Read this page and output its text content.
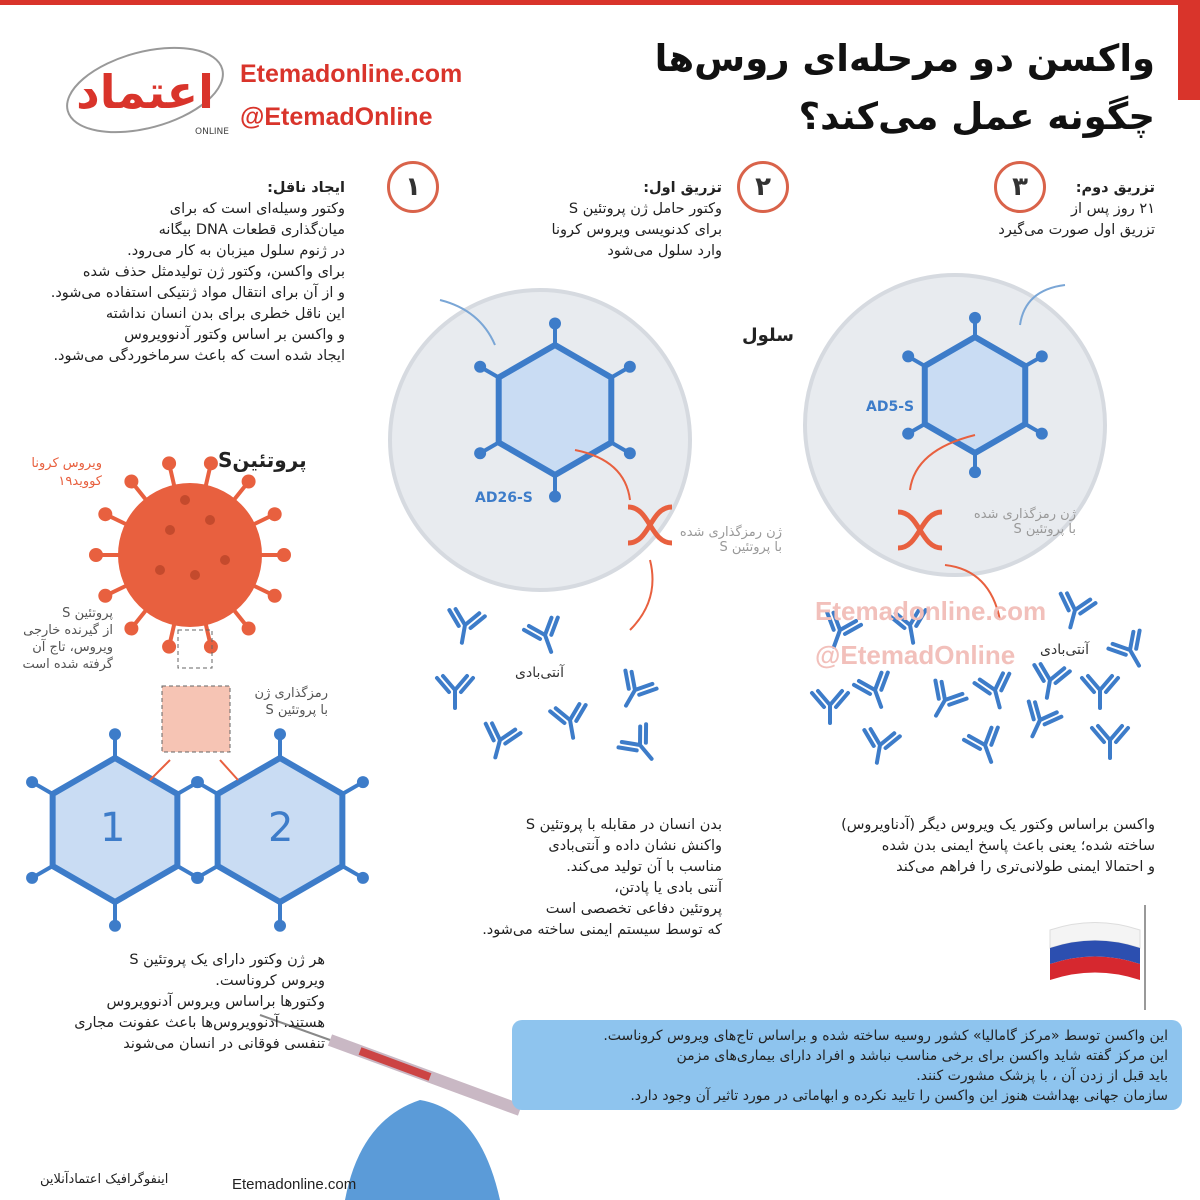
اعتماد
ONLINE
Etemadonline.com
@EtemadOnline
واکسن دو مرحله‌ای روس‌ها
چگونه عمل می‌کند؟
۱
ایجاد ناقل:
وکتور وسیله‌ای است که برای
میان‌گذاری قطعات DNA بیگانه
در ژنوم سلول میزبان به کار می‌رود.
برای واکسن، وکتور ژن تولیدمثل حذف شده
و از آن برای انتقال مواد ژنتیکی استفاده می‌شود.
این ناقل خطری برای بدن انسان نداشته
و واکسن بر اساس وکتور آدنوویروس
ایجاد شده است که باعث سرماخوردگی می‌شود.
۲
تزریق اول:
وکتور حامل ژن پروتئین S
برای کدنویسی ویروس کرونا
وارد سلول می‌شود
۳	تزریق دوم:
۲۱ روز پس از
تزریق اول صورت می‌گیرد
Etemadonline.com
@EtemadOnline
سلول
AD26-S
AD5-S
ژن رمزگذاری شده
با پروتئین S
ژن رمزگذاری شده
با پروتئین S
آنتی‌بادی
آنتی‌بادی
پروتئینS
ویروس کرونا
کووید۱۹
پروتئین S
از گیرنده خارجی
ویروس، تاج آن
گرفته شده است
رمزگذاری ژن
با پروتئین S
1	2
هر ژن وکتور دارای یک پروتئین S
ویروس کروناست.
وکتورها براساس ویروس آدنوویروس
هستند. آدنوویروس‌ها باعث عفونت مجاری
تنفسی فوقانی در انسان می‌شوند
بدن انسان در مقابله با پروتئین S
واکنش نشان داده و آنتی‌بادی
مناسب با آن تولید می‌کند.
آنتی بادی یا پادتن،
پروتئین دفاعی تخصصی است
که توسط سیستم ایمنی ساخته می‌شود.
واکسن براساس وکتور یک ویروس دیگر (آدناویروس)
ساخته شده؛ یعنی باعث پاسخ ایمنی بدن شده
و احتمالا ایمنی طولانی‌تری را فراهم می‌کند
این واکسن توسط «مرکز گامالیا» کشور روسیه ساخته شده و براساس تاج‌های ویروس کروناست.
این مرکز گفته شاید واکسن برای برخی مناسب نباشد و افراد دارای بیماری‌های مزمن
باید قبل از زدن آن ، با پزشک مشورت کنند.
سازمان جهانی بهداشت هنوز این واکسن را تایید نکرده و ابهاماتی در مورد تاثیر آن وجود دارد.
اینفوگرافیک اعتمادآنلاین	Etemadonline.com
